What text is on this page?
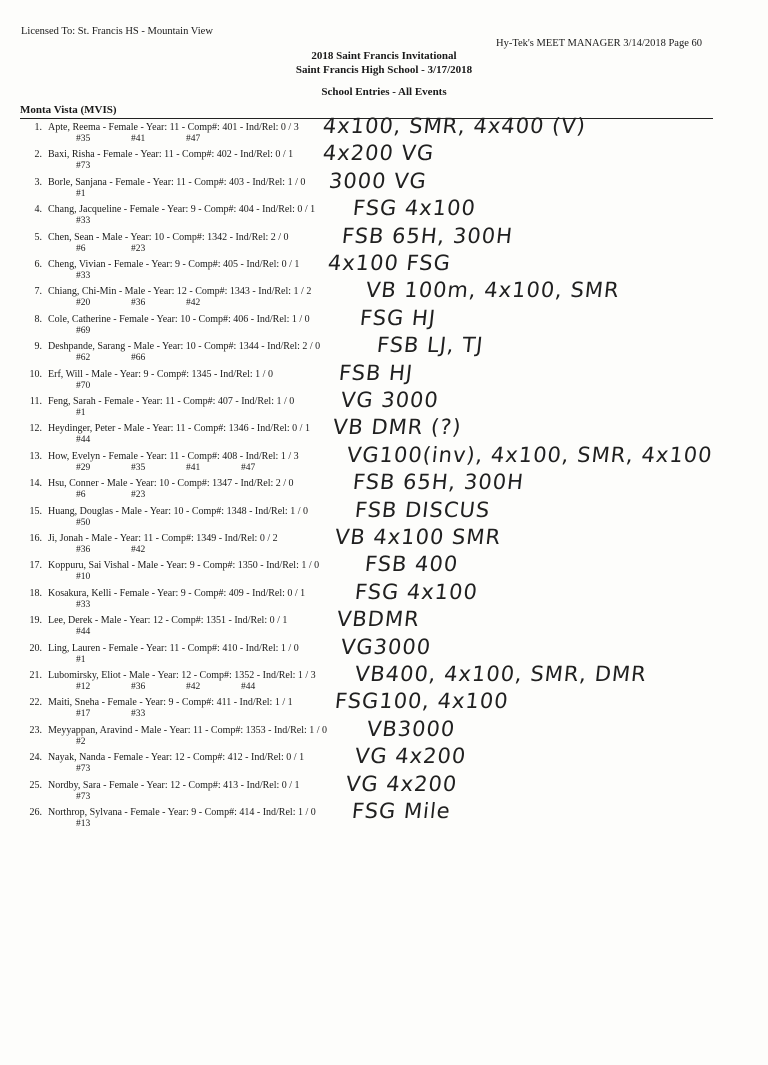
Licensed To: St. Francis HS - Mountain View
Hy-Tek's MEET MANAGER 3/14/2018 Page 60
2018 Saint Francis Invitational
Saint Francis High School - 3/17/2018
School Entries - All Events
Monta Vista (MVIS)
1. Apte, Reema - Female - Year: 11 - Comp#: 401 - Ind/Rel: 0 / 3
#35	#41	#47
4x100, SMR, 4x400 (V)
2. Baxi, Risha - Female - Year: 11 - Comp#: 402 - Ind/Rel: 0 / 1
#73
4x200 VG
3. Borle, Sanjana - Female - Year: 11 - Comp#: 403 - Ind/Rel: 1 / 0
#1
3000 VG
4. Chang, Jacqueline - Female - Year: 9 - Comp#: 404 - Ind/Rel: 0 / 1
#33
FSG 4x100
5. Chen, Sean - Male - Year: 10 - Comp#: 1342 - Ind/Rel: 2 / 0
#6	#23
FSB 65H, 300H
6. Cheng, Vivian - Female - Year: 9 - Comp#: 405 - Ind/Rel: 0 / 1
#33
4x100 FSG
7. Chiang, Chi-Min - Male - Year: 12 - Comp#: 1343 - Ind/Rel: 1 / 2
#20	#36	#42
VB 100m, 4x100, SMR
8. Cole, Catherine - Female - Year: 10 - Comp#: 406 - Ind/Rel: 1 / 0
#69
FSG HJ
9. Deshpande, Sarang - Male - Year: 10 - Comp#: 1344 - Ind/Rel: 2 / 0
#62	#66
FSB LJ, TJ
10. Erf, Will - Male - Year: 9 - Comp#: 1345 - Ind/Rel: 1 / 0
#70
FSB HJ
11. Feng, Sarah - Female - Year: 11 - Comp#: 407 - Ind/Rel: 1 / 0
#1
VG 3000
12. Heydinger, Peter - Male - Year: 11 - Comp#: 1346 - Ind/Rel: 0 / 1
#44
VB DMR (?)
13. How, Evelyn - Female - Year: 11 - Comp#: 408 - Ind/Rel: 1 / 3
#29	#35	#41	#47
VG100(inv), 4x100, SMR, 4x100
14. Hsu, Conner - Male - Year: 10 - Comp#: 1347 - Ind/Rel: 2 / 0
#6	#23
FSB 65H, 300H
15. Huang, Douglas - Male - Year: 10 - Comp#: 1348 - Ind/Rel: 1 / 0
#50
FSB DISCUS
16. Ji, Jonah - Male - Year: 11 - Comp#: 1349 - Ind/Rel: 0 / 2
#36	#42
VB 4x100 SMR
17. Koppuru, Sai Vishal - Male - Year: 9 - Comp#: 1350 - Ind/Rel: 1 / 0
#10
FSB 400
18. Kosakura, Kelli - Female - Year: 9 - Comp#: 409 - Ind/Rel: 0 / 1
#33
FSG 4x100
19. Lee, Derek - Male - Year: 12 - Comp#: 1351 - Ind/Rel: 0 / 1
#44
VBDMR
20. Ling, Lauren - Female - Year: 11 - Comp#: 410 - Ind/Rel: 1 / 0
#1
VG3000
21. Lubomirsky, Eliot - Male - Year: 12 - Comp#: 1352 - Ind/Rel: 1 / 3
#12	#36	#42	#44
VB400, 4x100, SMR, DMR
22. Maiti, Sneha - Female - Year: 9 - Comp#: 411 - Ind/Rel: 1 / 1
#17	#33
FSG100, 4x100
23. Meyyappan, Aravind - Male - Year: 11 - Comp#: 1353 - Ind/Rel: 1 / 0
#2
VB3000
24. Nayak, Nanda - Female - Year: 12 - Comp#: 412 - Ind/Rel: 0 / 1
#73
VG 4x200
25. Nordby, Sara - Female - Year: 12 - Comp#: 413 - Ind/Rel: 0 / 1
#73
VG 4x200
26. Northrop, Sylvana - Female - Year: 9 - Comp#: 414 - Ind/Rel: 1 / 0
#13
FSG Mile
